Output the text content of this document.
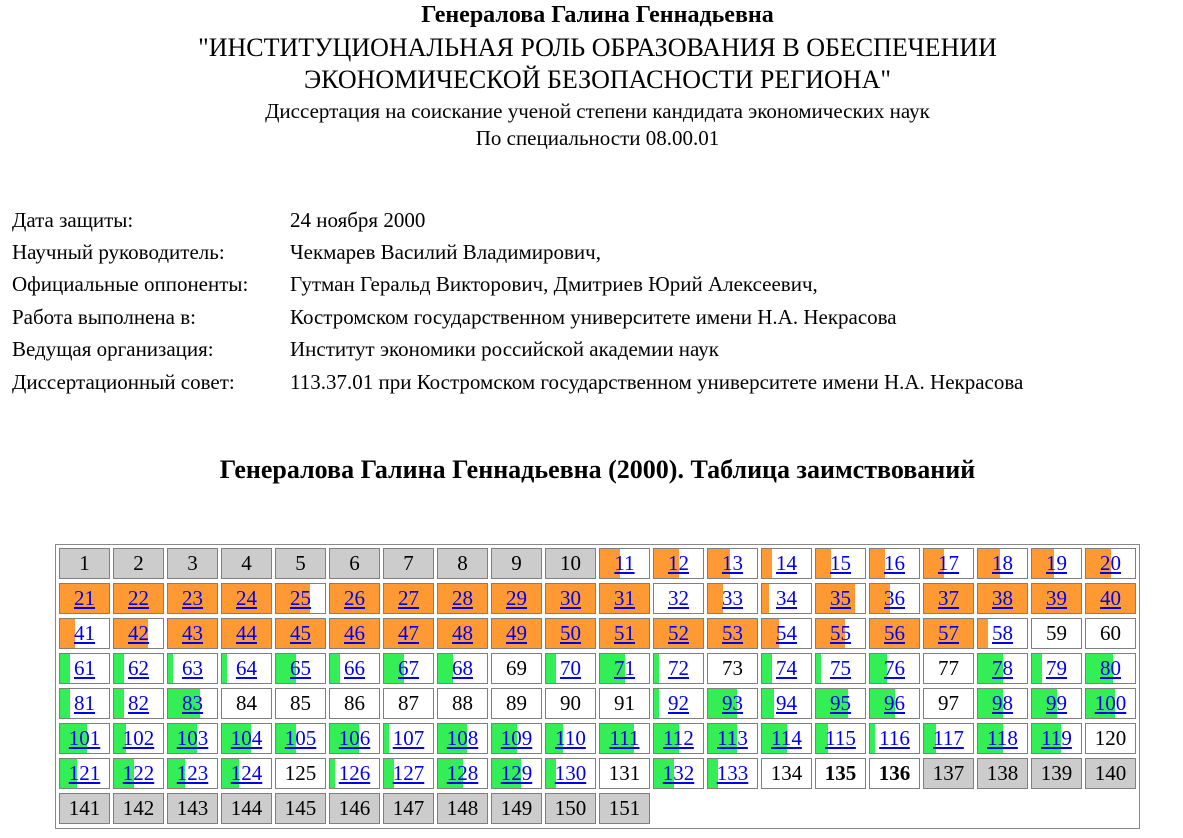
Генералова Галина Геннадьевна
"ИНСТИТУЦИОНАЛЬНАЯ РОЛЬ ОБРАЗОВАНИЯ В ОБЕСПЕЧЕНИИ
ЭКОНОМИЧЕСКОЙ БЕЗОПАСНОСТИ РЕГИОНА"
Диссертация на соискание ученой степени кандидата экономических наук
По специальности 08.00.01
Дата защиты:	24 ноября 2000
Научный руководитель:	Чекмарев Василий Владимирович,
Официальные оппоненты:	Гутман Геральд Викторович, Дмитриев Юрий Алексеевич,
Работа выполнена в:	Костромском государственном университете имени Н.А. Некрасова
Ведущая организация:	Институт экономики российской академии наук
Диссертационный совет:	113.37.01 при Костромском государственном университете имени Н.А. Некрасова
Генералова Галина Геннадьевна (2000). Таблица заимствований
1	2	3	4	5	6	7	8	9	10	11	12	13	14	15	16	17	18	19	20
21	22	23	24	25	26	27	28	29	30	31	32	33	34	35	36	37	38	39	40
41	42	43	44	45	46	47	48	49	50	51	52	53	54	55	56	57	58	59	60
61	62	63	64	65	66	67	68	69	70	71	72	73	74	75	76	77	78	79	80
81	82	83	84	85	86	87	88	89	90	91	92	93	94	95	96	97	98	99	100
101	102	103	104	105	106	107	108	109	110	111	112	113	114	115	116	117	118	119	120
121	122	123	124	125	126	127	128	129	130	131	132	133	134	135	136	137	138	139	140
141	142	143	144	145	146	147	148	149	150	151
